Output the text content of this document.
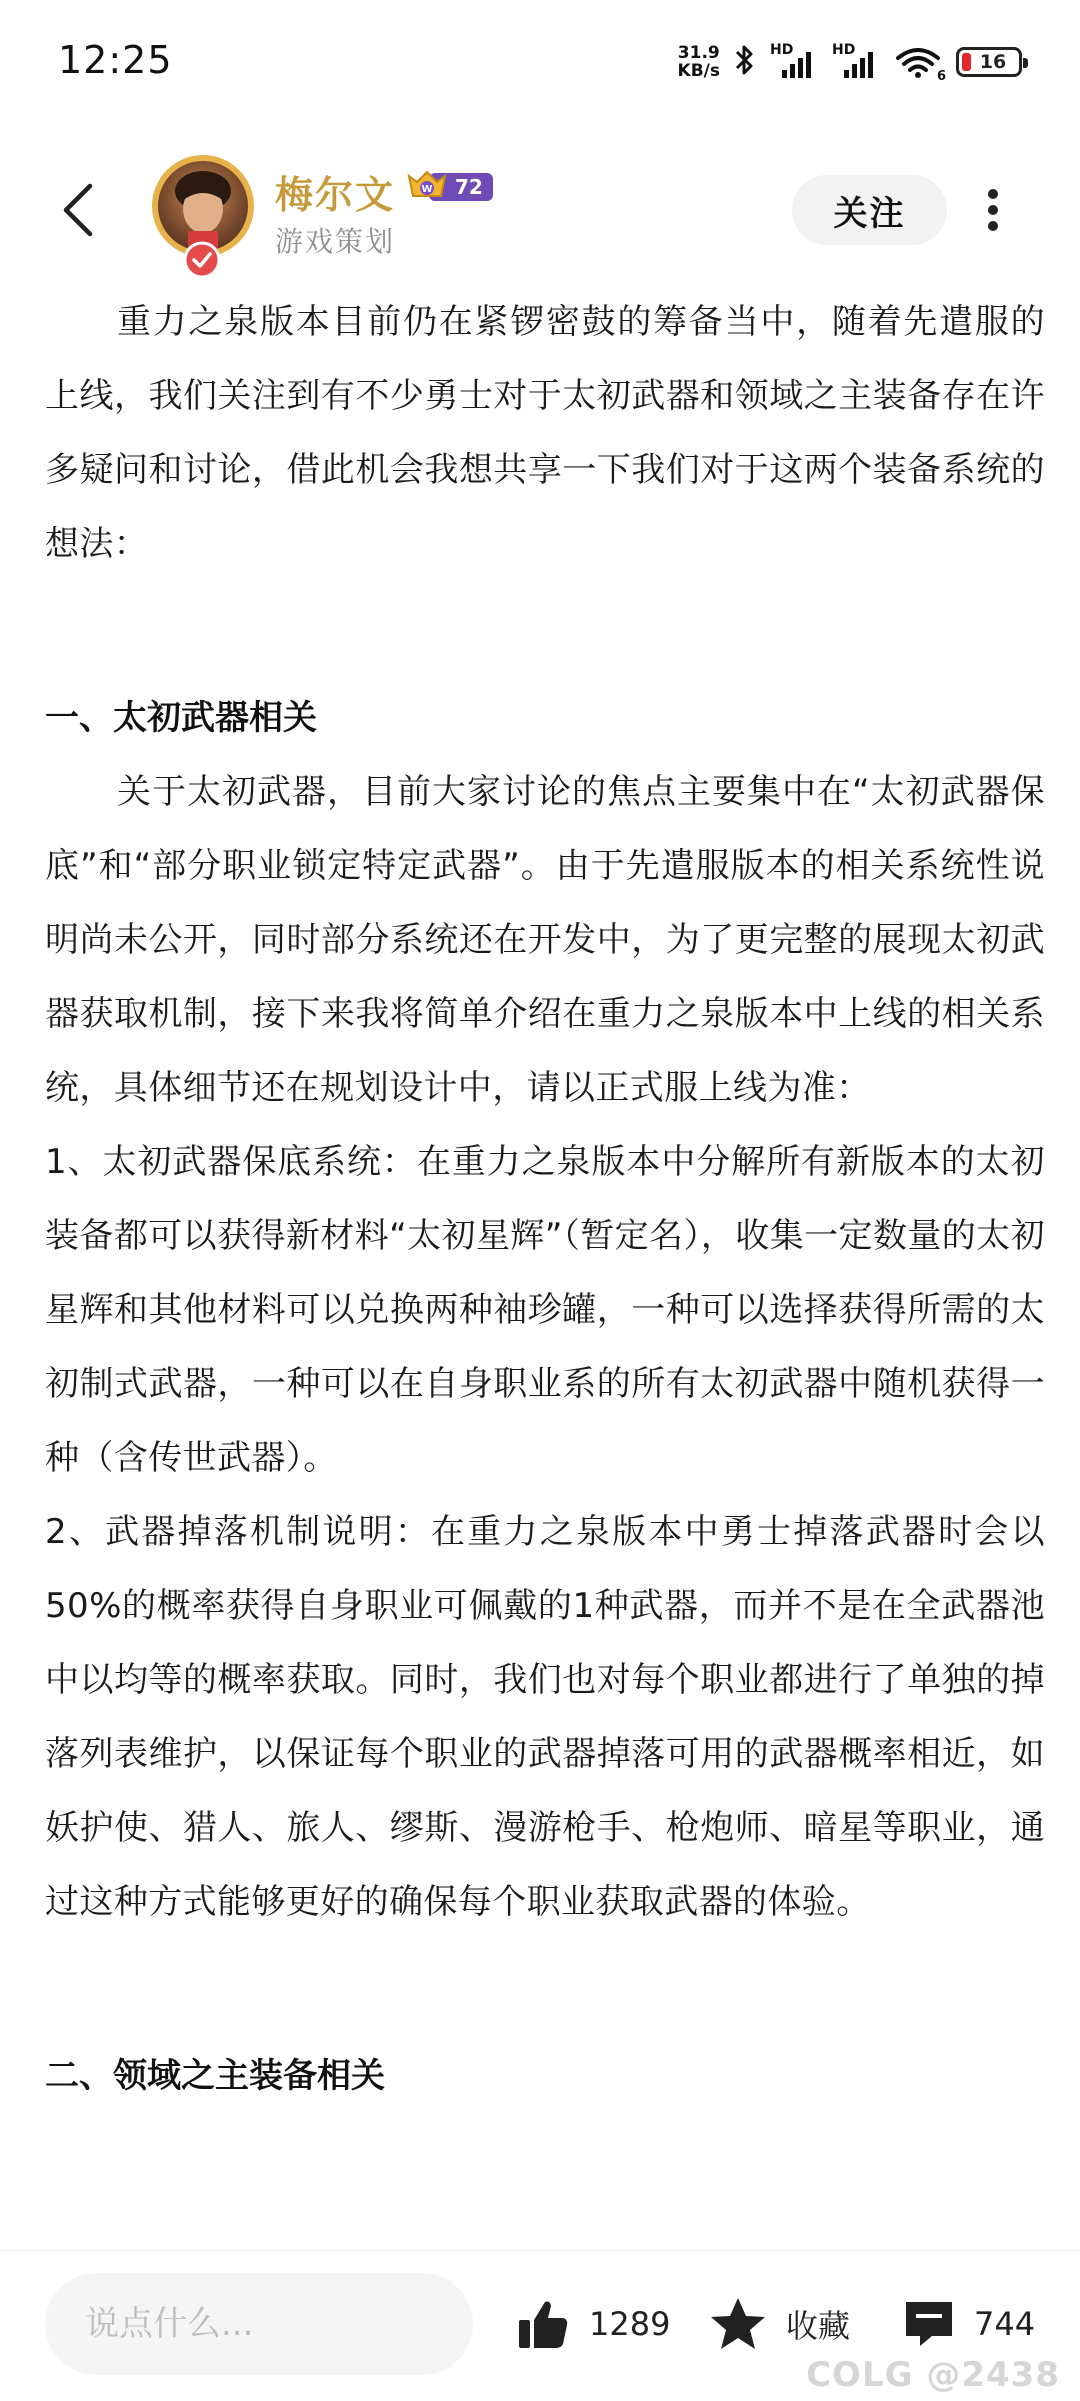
12:25	31.9
KB/s
HD	HD
6
16
梅尔文	W	72
游戏策划
关注

重力之泉版本目前仍在紧锣密鼓的筹备当中，随着先遣服的上线，我们关注到有不少勇士对于太初武器和领域之主装备存在许多疑问和讨论，借此机会我想共享一下我们对于这两个装备系统的想法：

一、太初武器相关

关于太初武器，目前大家讨论的焦点主要集中在“太初武器保底”和“部分职业锁定特定武器”。由于先遣服版本的相关系统性说明尚未公开，同时部分系统还在开发中，为了更完整的展现太初武器获取机制，接下来我将简单介绍在重力之泉版本中上线的相关系统，具体细节还在规划设计中，请以正式服上线为准：

1、太初武器保底系统：在重力之泉版本中分解所有新版本的太初装备都可以获得新材料“太初星辉”（暂定名），收集一定数量的太初星辉和其他材料可以兑换两种袖珍罐，一种可以选择获得所需的太初制式武器，一种可以在自身职业系的所有太初武器中随机获得一种（含传世武器）。

2、武器掉落机制说明：在重力之泉版本中勇士掉落武器时会以50%的概率获得自身职业可佩戴的1种武器，而并不是在全武器池中以均等的概率获取。同时，我们也对每个职业都进行了单独的掉落列表维护，以保证每个职业的武器掉落可用的武器概率相近，如妖护使、猎人、旅人、缪斯、漫游枪手、枪炮师、暗星等职业，通过这种方式能够更好的确保每个职业获取武器的体验。

二、领域之主装备相关

说点什么...
1289	收藏	744
COLG @2438
